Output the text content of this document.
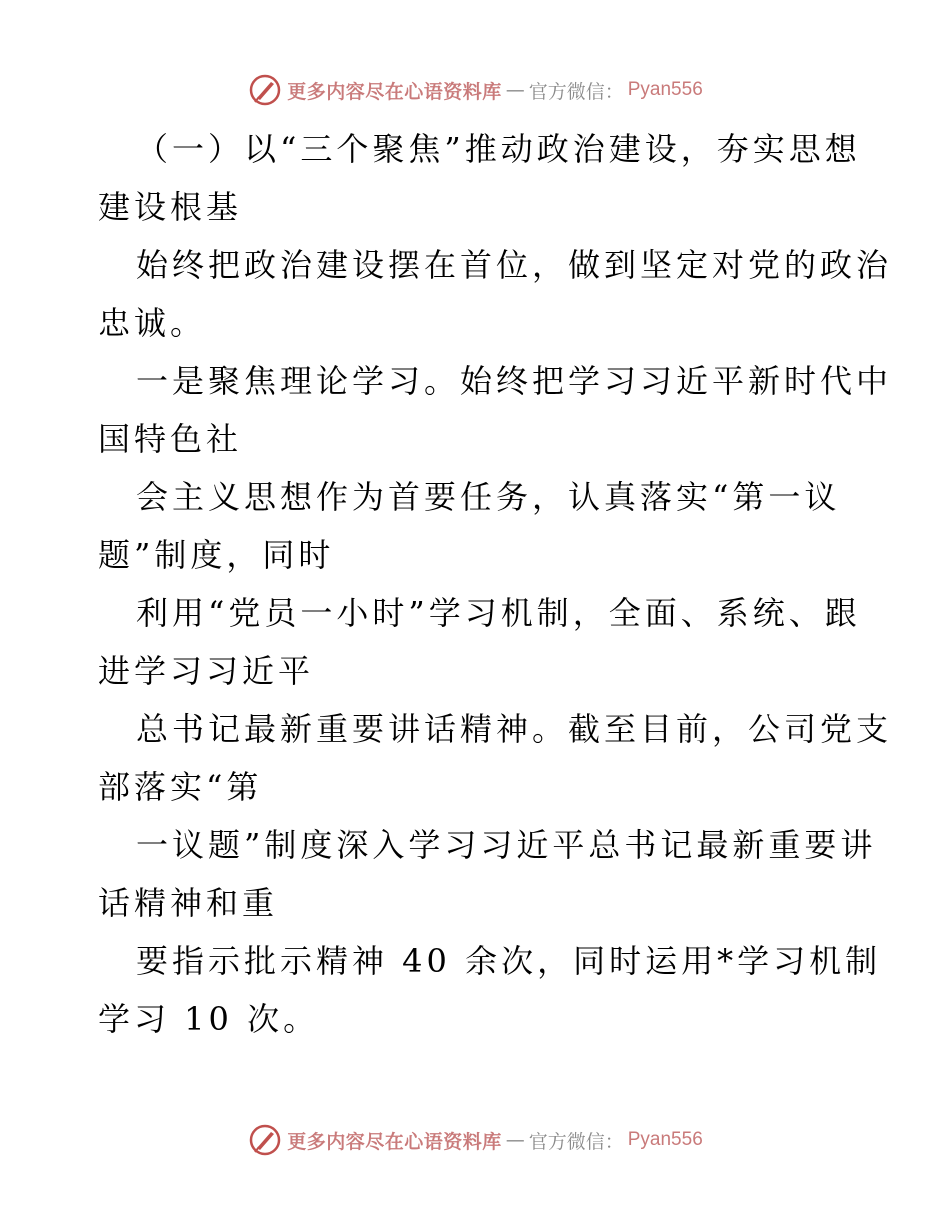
更多内容尽在心语资料库 — 官方微信： Pyan556

（一）以“三个聚焦”推动政治建设，夯实思想

建设根基

始终把政治建设摆在首位，做到坚定对党的政治

忠诚。

一是聚焦理论学习。始终把学习习近平新时代中

国特色社

会主义思想作为首要任务，认真落实“第一议

题”制度，同时

利用“党员一小时”学习机制，全面、系统、跟

进学习习近平

总书记最新重要讲话精神。截至目前，公司党支

部落实“第

一议题”制度深入学习习近平总书记最新重要讲

话精神和重

要指示批示精神 40 余次，同时运用*学习机制

学习 10 次。

更多内容尽在心语资料库 — 官方微信： Pyan556
